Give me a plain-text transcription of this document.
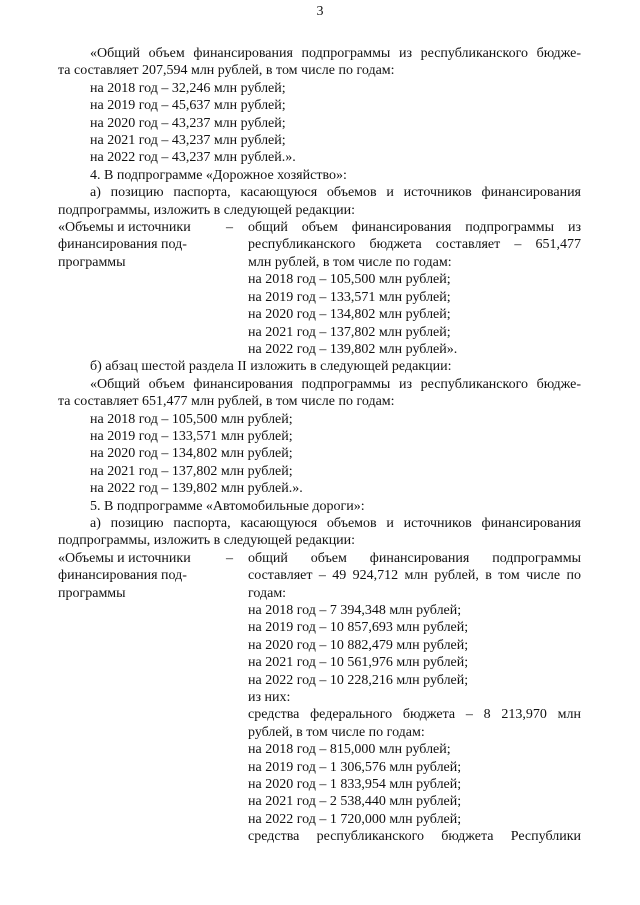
3
«Общий объем финансирования подпрограммы из республиканского бюдже-
та составляет 207,594 млн рублей, в том числе по годам:
на 2018 год – 32,246 млн рублей;
на 2019 год – 45,637 млн рублей;
на 2020 год – 43,237 млн рублей;
на 2021 год – 43,237 млн рублей;
на 2022 год – 43,237 млн рублей.».
4. В подпрограмме «Дорожное хозяйство»:
а) позицию паспорта, касающуюся объемов и источников финансирования
подпрограммы, изложить в следующей редакции:
«Объемы и источники
финансирования под-
программы
– общий объем финансирования подпрограммы из
республиканского бюджета составляет – 651,477
млн рублей, в том числе по годам:
на 2018 год – 105,500 млн рублей;
на 2019 год – 133,571 млн рублей;
на 2020 год – 134,802 млн рублей;
на 2021 год – 137,802 млн рублей;
на 2022 год – 139,802 млн рублей».
б) абзац шестой раздела II изложить в следующей редакции:
«Общий объем финансирования подпрограммы из республиканского бюдже-
та составляет 651,477 млн рублей, в том числе по годам:
на 2018 год – 105,500 млн рублей;
на 2019 год – 133,571 млн рублей;
на 2020 год – 134,802 млн рублей;
на 2021 год – 137,802 млн рублей;
на 2022 год – 139,802 млн рублей.».
5. В подпрограмме «Автомобильные дороги»:
а) позицию паспорта, касающуюся объемов и источников финансирования
подпрограммы, изложить в следующей редакции:
«Объемы и источники
финансирования под-
программы
– общий объем финансирования подпрограммы
составляет – 49 924,712 млн рублей, в том числе по
годам:
на 2018 год – 7 394,348 млн рублей;
на 2019 год – 10 857,693 млн рублей;
на 2020 год – 10 882,479 млн рублей;
на 2021 год – 10 561,976 млн рублей;
на 2022 год – 10 228,216 млн рублей;
из них:
средства федерального бюджета – 8 213,970 млн
рублей, в том числе по годам:
на 2018 год – 815,000 млн рублей;
на 2019 год – 1 306,576 млн рублей;
на 2020 год – 1 833,954 млн рублей;
на 2021 год – 2 538,440 млн рублей;
на 2022 год – 1 720,000 млн рублей;
средства республиканского бюджета Республики
